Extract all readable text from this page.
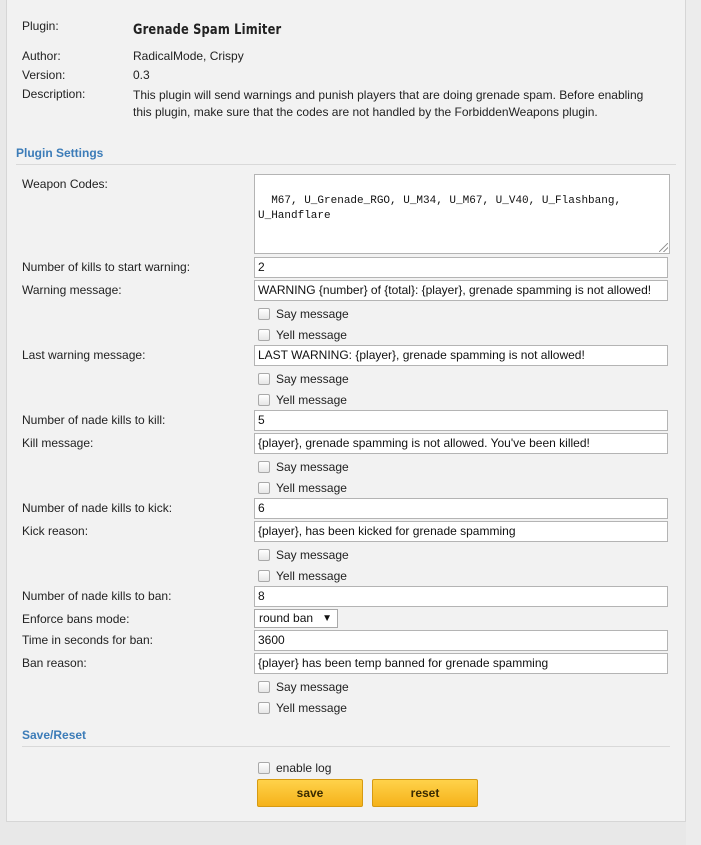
Plugin:	Grenade Spam Limiter
Author:	RadicalMode, Crispy
Version:	0.3
Description:	This plugin will send warnings and punish players that are doing grenade spam. Before enabling this plugin, make sure that the codes are not handled by the ForbiddenWeapons plugin.
Plugin Settings
Weapon Codes:

M67, U_Grenade_RGO, U_M34, U_M67, U_V40, U_Flashbang,
U_Handflare

Number of kills to start warning:	2
Warning message:	WARNING {number} of {total}: {player}, grenade spamming is not allowed!
Say message
Yell message
Last warning message:	LAST WARNING: {player}, grenade spamming is not allowed!
Say message
Yell message
Number of nade kills to kill:	5
Kill message:	{player}, grenade spamming is not allowed. You've been killed!
Say message
Yell message
Number of nade kills to kick:	6
Kick reason:	{player}, has been kicked for grenade spamming
Say message
Yell message
Number of nade kills to ban:	8
Enforce bans mode:	round ban ▼
Time in seconds for ban:	3600
Ban reason:	{player} has been temp banned for grenade spamming
Say message
Yell message
Save/Reset
enable log
save	reset
